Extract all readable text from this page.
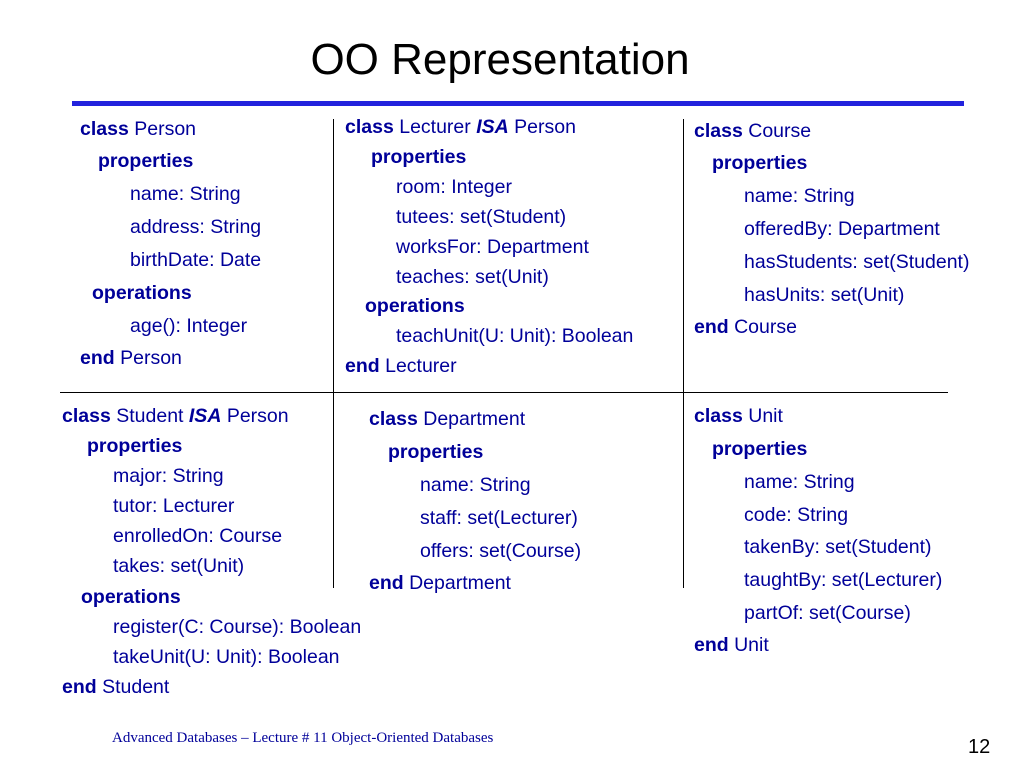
OO Representation
class Person
properties
name: String
address: String
birthDate: Date
operations
age(): Integer
end Person
class Lecturer ISA Person
properties
room: Integer
tutees: set(Student)
worksFor: Department
teaches: set(Unit)
operations
teachUnit(U: Unit): Boolean
end Lecturer
class Course
properties
name: String
offeredBy: Department
hasStudents: set(Student)
hasUnits: set(Unit)
end Course
class Student ISA Person
properties
major: String
tutor: Lecturer
enrolledOn: Course
takes: set(Unit)
operations
register(C: Course): Boolean
takeUnit(U: Unit): Boolean
end Student
class Department
properties
name: String
staff: set(Lecturer)
offers: set(Course)
end Department
class Unit
properties
name: String
code: String
takenBy: set(Student)
taughtBy: set(Lecturer)
partOf: set(Course)
end Unit
Advanced Databases – Lecture # 11 Object-Oriented Databases	12
